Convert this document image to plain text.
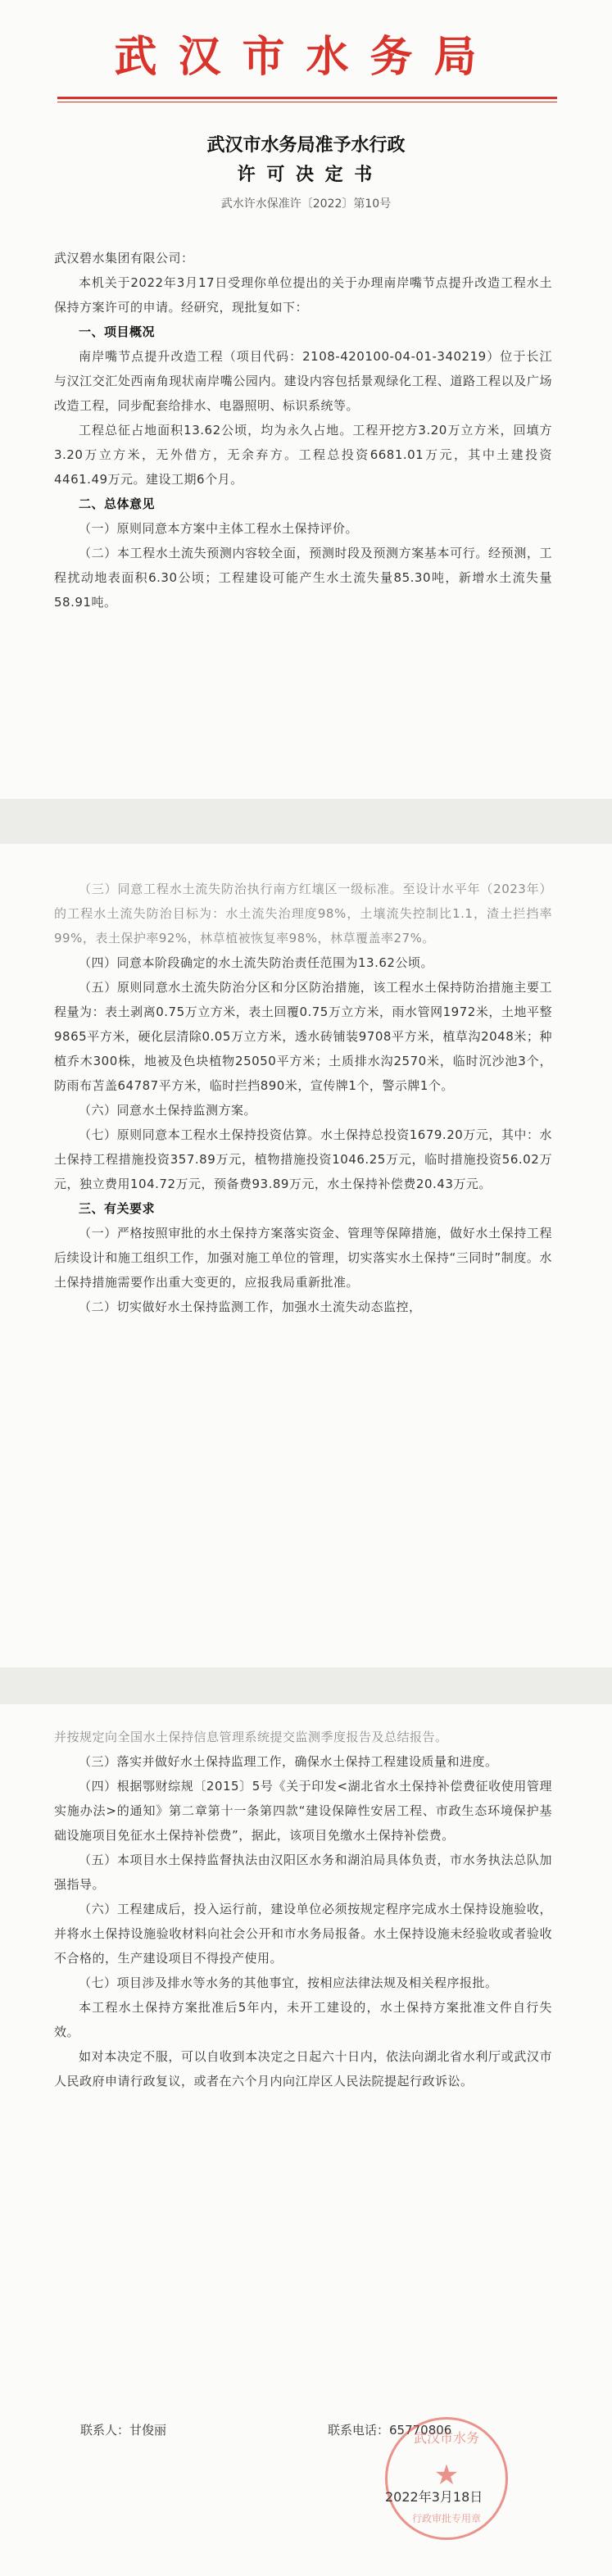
武汉市水务局
武汉市水务局准予水行政
许 可 决 定 书
武水许水保准许〔2022〕第10号

武汉碧水集团有限公司：

本机关于2022年3月17日受理你单位提出的关于办理南岸嘴节点提升改造工程水土保持方案许可的申请。经研究，现批复如下：

一、项目概况

南岸嘴节点提升改造工程（项目代码：2108-420100-04-01-340219）位于长江与汉江交汇处西南角现状南岸嘴公园内。建设内容包括景观绿化工程、道路工程以及广场改造工程，同步配套给排水、电器照明、标识系统等。

工程总征占地面积13.62公顷，均为永久占地。工程开挖方3.20万立方米，回填方3.20万立方米，无外借方，无余弃方。工程总投资6681.01万元，其中土建投资4461.49万元。建设工期6个月。

二、总体意见

（一）原则同意本方案中主体工程水土保持评价。

（二）本工程水土流失预测内容较全面，预测时段及预测方案基本可行。经预测，工程扰动地表面积6.30公顷；工程建设可能产生水土流失量85.30吨，新增水土流失量58.91吨。

（三）同意工程水土流失防治执行南方红壤区一级标准。至设计水平年（2023年）的工程水土流失防治目标为：水土流失治理度98%，土壤流失控制比1.1，渣土拦挡率99%，表土保护率92%，林草植被恢复率98%，林草覆盖率27%。

（四）同意本阶段确定的水土流失防治责任范围为13.62公顷。

（五）原则同意水土流失防治分区和分区防治措施，该工程水土保持防治措施主要工程量为：表土剥离0.75万立方米，表土回覆0.75万立方米，雨水管网1972米，土地平整9865平方米，硬化层清除0.05万立方米，透水砖铺装9708平方米，植草沟2048米；种植乔木300株，地被及色块植物25050平方米；土质排水沟2570米，临时沉沙池3个，防雨布苫盖64787平方米，临时拦挡890米，宣传牌1个，警示牌1个。

（六）同意水土保持监测方案。

（七）原则同意本工程水土保持投资估算。水土保持总投资1679.20万元，其中：水土保持工程措施投资357.89万元，植物措施投资1046.25万元，临时措施投资56.02万元，独立费用104.72万元，预备费93.89万元，水土保持补偿费20.43万元。

三、有关要求

（一）严格按照审批的水土保持方案落实资金、管理等保障措施，做好水土保持工程后续设计和施工组织工作，加强对施工单位的管理，切实落实水土保持“三同时”制度。水土保持措施需要作出重大变更的，应报我局重新批准。

（二）切实做好水土保持监测工作，加强水土流失动态监控，

并按规定向全国水土保持信息管理系统提交监测季度报告及总结报告。

（三）落实并做好水土保持监理工作，确保水土保持工程建设质量和进度。

（四）根据鄂财综规〔2015〕5号《关于印发<湖北省水土保持补偿费征收使用管理实施办法>的通知》第二章第十一条第四款“建设保障性安居工程、市政生态环境保护基础设施项目免征水土保持补偿费”，据此，该项目免缴水土保持补偿费。

（五）本项目水土保持监督执法由汉阳区水务和湖泊局具体负责，市水务执法总队加强指导。

（六）工程建成后，投入运行前，建设单位必须按规定程序完成水土保持设施验收，并将水土保持设施验收材料向社会公开和市水务局报备。水土保持设施未经验收或者验收不合格的，生产建设项目不得投产使用。

（七）项目涉及排水等水务的其他事宜，按相应法律法规及相关程序报批。

本工程水土保持方案批准后5年内，未开工建设的，水土保持方案批准文件自行失效。

如对本决定不服，可以自收到本决定之日起六十日内，依法向湖北省水利厅或武汉市人民政府申请行政复议，或者在六个月内向江岸区人民法院提起行政诉讼。

联系人：甘俊丽	联系电话：65770806
武汉市水务
★
行政审批专用章
2022年3月18日
